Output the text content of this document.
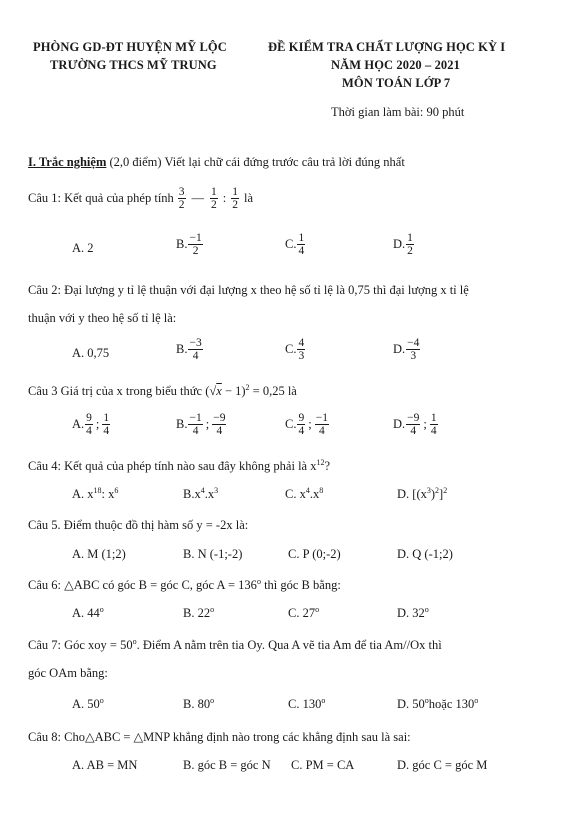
PHÒNG GD-ĐT HUYỆN MỸ LỘC
TRƯỜNG THCS MỸ TRUNG
ĐỀ KIỂM TRA CHẤT LƯỢNG HỌC KỲ I
NĂM HỌC 2020 – 2021
MÔN TOÁN LỚP 7
Thời gian làm bài: 90 phút
I. Trắc nghiệm (2,0 điểm) Viết lại chữ cái đứng trước câu trả lời đúng nhất
Câu 1: Kết quả của phép tính $\frac{3}{2}$ — $\frac{1}{2}$ : $\frac{1}{2}$ là
A. 2	B. $\frac{-1}{2}$	C. $\frac{1}{4}$	D. $\frac{1}{2}$
Câu 2: Đại lượng y tỉ lệ thuận với đại lượng x theo hệ số tỉ lệ là 0,75 thì đại lượng x tỉ lệ
thuận với y theo hệ số tỉ lệ là:
A. 0,75	B. $\frac{-3}{4}$	C. $\frac{4}{3}$	D. $\frac{-4}{3}$
Câu 3 Giá trị của x trong biểu thức $(√x - 1)^2 = 0,25$ là
A. $\frac{9}{4}$ ; $\frac{1}{4}$	B. $\frac{-1}{4}$ ; $\frac{-9}{4}$	C. $\frac{9}{4}$ ; $\frac{-1}{4}$	D. $\frac{-9}{4}$ ; $\frac{1}{4}$
Câu 4: Kết quả của phép tính nào sau đây không phải là $x^{12}$?
A. $x^{18}$: $x^6$	$B.x^4.x^3$	C. $x^4.x^8$	D. $[(x^3)^2]^2$
Câu 5. Điểm thuộc đồ thị hàm số y = -2x là:
A. M (1;2)	B. N (-1;-2)	C. P (0;-2)	D. Q (-1;2)
Câu 6: △ABC có góc B = góc C, góc $A = 136^o$ thì góc B bằng:
A. 44$^o$	B. 22$^o$	C. 27$^o$	D. 32$^o$
Câu 7: Góc xoy = $50^o$. Điểm A nằm trên tia Oy. Qua A vẽ tia Am để tia Am//Ox thì
góc OAm bằng:
A. 50$^o$	B. 80$^o$	C. 130$^o$	D. 50$^o$hoặc 130$^o$
Câu 8: Cho△ABC = △MNP khẳng định nào trong các khẳng định sau là sai:
A. AB = MN	B. góc B = góc N C. PM = CA	D. góc C = góc M
